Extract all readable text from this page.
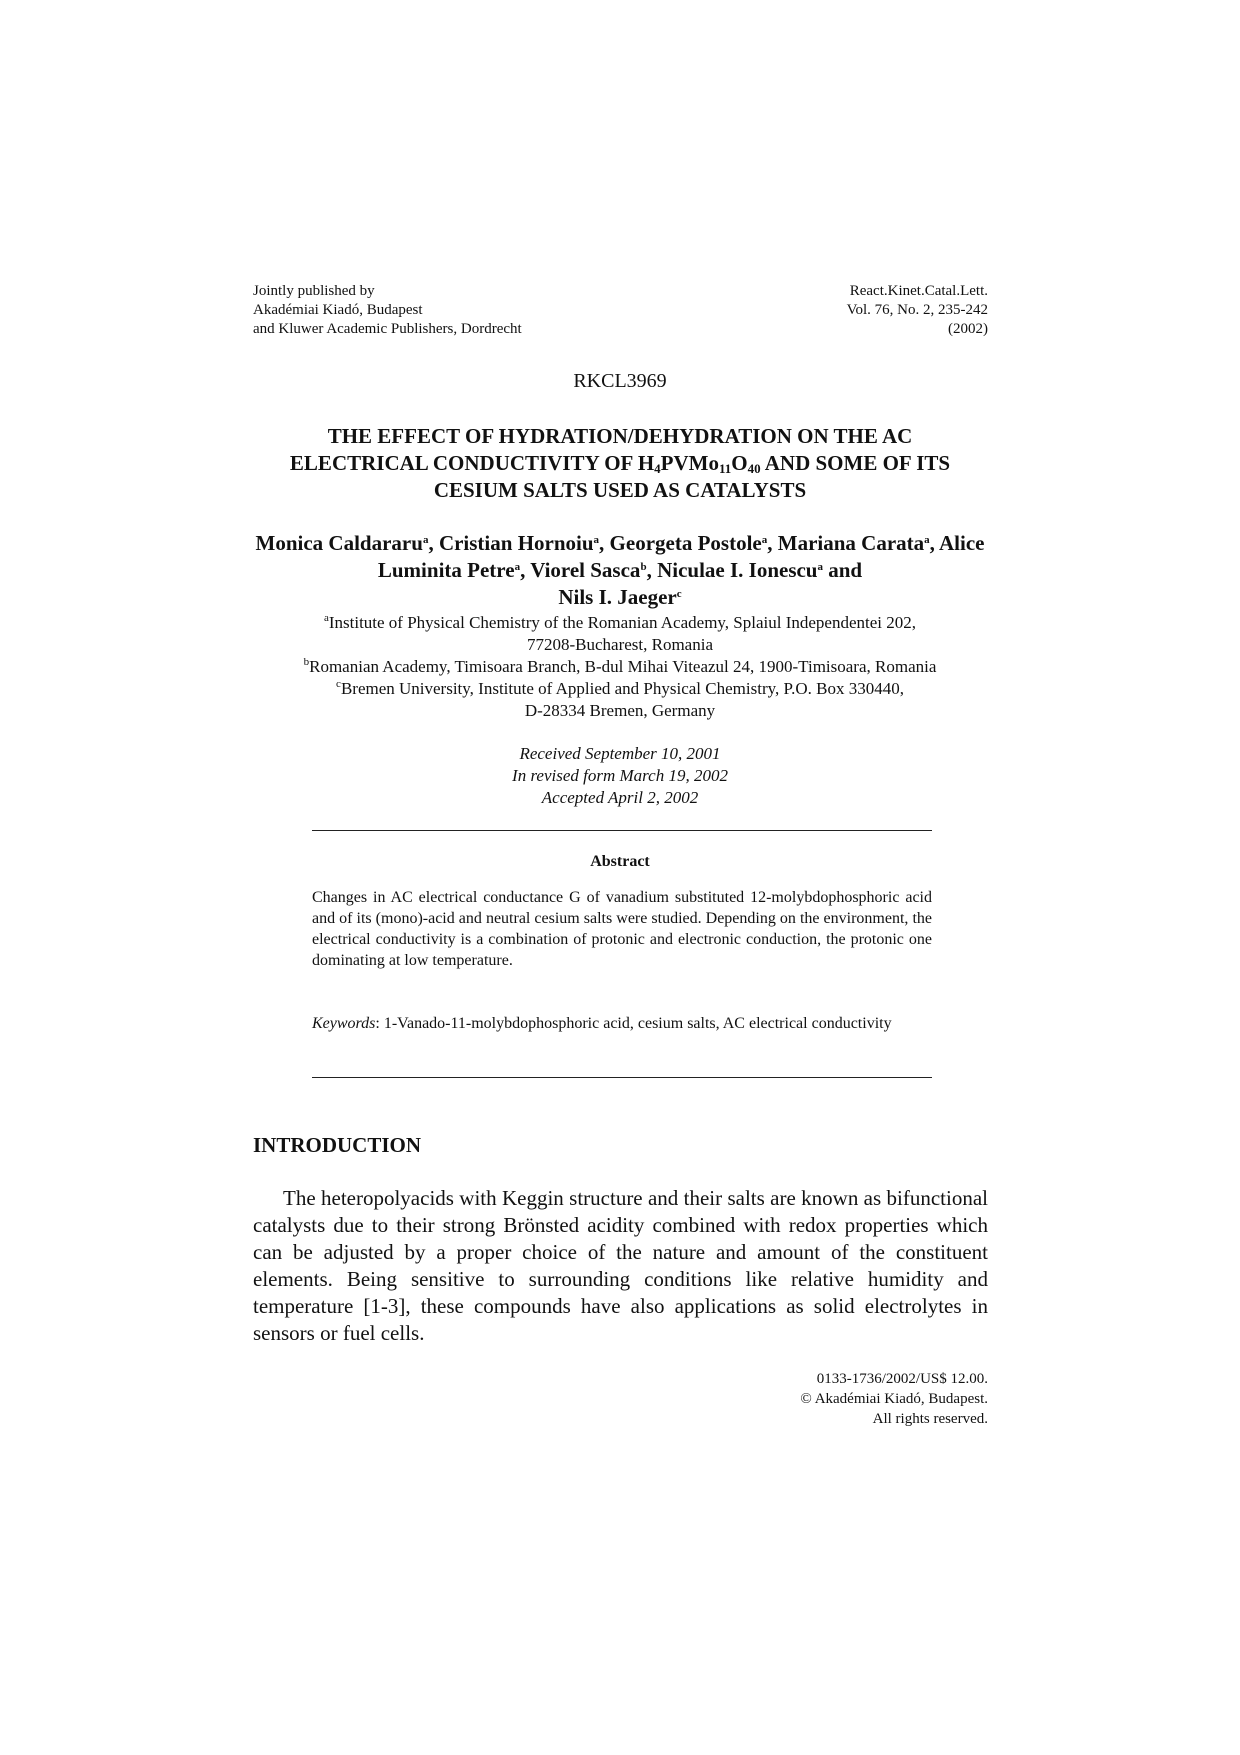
Jointly published by
Akadémiai Kiadó, Budapest
and Kluwer Academic Publishers, Dordrecht
React.Kinet.Catal.Lett.
Vol. 76, No. 2, 235-242
(2002)
RKCL3969
THE EFFECT OF HYDRATION/DEHYDRATION ON THE AC
ELECTRICAL CONDUCTIVITY OF $H_4PVMo_{11}O_{40}$ AND SOME OF ITS
CESIUM SALTS USED AS CATALYSTS
Monica Caldararu$^a$, Cristian Hornoiu$^a$, Georgeta Postole$^a$, Mariana Carata$^a$, Alice Luminita Petre$^a$, Viorel Sasca$^b$, Niculae I. Ionescu$^a$ and
Nils I. Jaeger$^c$
$^a$Institute of Physical Chemistry of the Romanian Academy, Splaiul Independentei 202,
77208-Bucharest, Romania
$^b$Romanian Academy, Timisoara Branch, B-dul Mihai Viteazul 24, 1900-Timisoara, Romania
$^c$Bremen University, Institute of Applied and Physical Chemistry, P.O. Box 330440,
D-28334 Bremen, Germany
Received September 10, 2001
In revised form March 19, 2002
Accepted April 2, 2002
Abstract
Changes in AC electrical conductance G of vanadium substituted 12-molybdophosphoric acid and of its (mono)-acid and neutral cesium salts were studied. Depending on the environment, the electrical conductivity is a combination of protonic and electronic conduction, the protonic one dominating at low temperature.
Keywords: 1-Vanado-11-molybdophosphoric acid, cesium salts, AC electrical conductivity
INTRODUCTION
The heteropolyacids with Keggin structure and their salts are known as bifunctional catalysts due to their strong Brönsted acidity combined with redox properties which can be adjusted by a proper choice of the nature and amount of the constituent elements. Being sensitive to surrounding conditions like relative humidity and temperature [1-3], these compounds have also applications as solid electrolytes in sensors or fuel cells.
0133-1736/2002/US$ 12.00.
© Akadémiai Kiadó, Budapest.
All rights reserved.
